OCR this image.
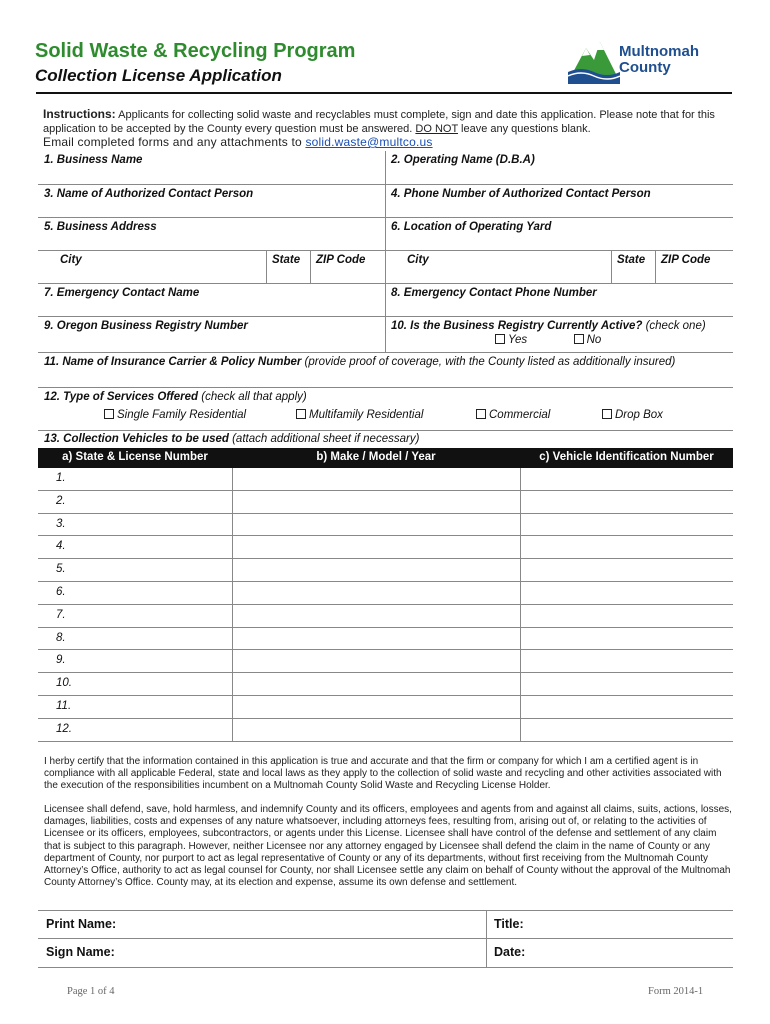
Solid Waste & Recycling Program
Collection License Application
Multnomah
County
Instructions: Applicants for collecting solid waste and recyclables must complete, sign and date this application. Please note that for this application to be accepted by the County every question must be answered. DO NOT leave any questions blank.
Email completed forms and any attachments to solid.waste@multco.us
1. Business Name	2. Operating Name (D.B.A)
3. Name of Authorized Contact Person	4. Phone Number of Authorized Contact Person
5. Business Address	6. Location of Operating Yard
City	State	ZIP Code	City	State	ZIP Code
7. Emergency Contact Name	8. Emergency Contact Phone Number
9. Oregon Business Registry Number	10. Is the Business Registry Currently Active? (check one)
Yes	No
11. Name of Insurance Carrier & Policy Number (provide proof of coverage, with the County listed as additionally insured)
12. Type of Services Offered (check all that apply)
Single Family Residential	Multifamily Residential	Commercial	Drop Box
13. Collection Vehicles to be used (attach additional sheet if necessary)
a) State & License Number	b) Make / Model / Year	c) Vehicle Identification Number
1.
2.
3.
4.
5.
6.
7.
8.
9.
10.
11.
12.
I herby certify that the information contained in this application is true and accurate and that the firm or company for which I am a certified agent is in compliance with all applicable Federal, state and local laws as they apply to the collection of solid waste and recycling and other activities associated with the execution of the responsibilities incumbent on a Multnomah County Solid Waste and Recycling License Holder.
Licensee shall defend, save, hold harmless, and indemnify County and its officers, employees and agents from and against all claims, suits, actions, losses, damages, liabilities, costs and expenses of any nature whatsoever, including attorneys fees, resulting from, arising out of, or relating to the activities of Licensee or its officers, employees, subcontractors, or agents under this License. Licensee shall have control of the defense and settlement of any claim that is subject to this paragraph. However, neither Licensee nor any attorney engaged by Licensee shall defend the claim in the name of County or any department of County, nor purport to act as legal representative of County or any of its departments, without first receiving from the Multnomah County Attorney’s Office, authority to act as legal counsel for County, nor shall Licensee settle any claim on behalf of County without the approval of the Multnomah County Attorney’s Office. County may, at its election and expense, assume its own defense and settlement.
Print Name:	Title:
Sign Name:	Date:
Page 1 of 4	Form 2014-1
